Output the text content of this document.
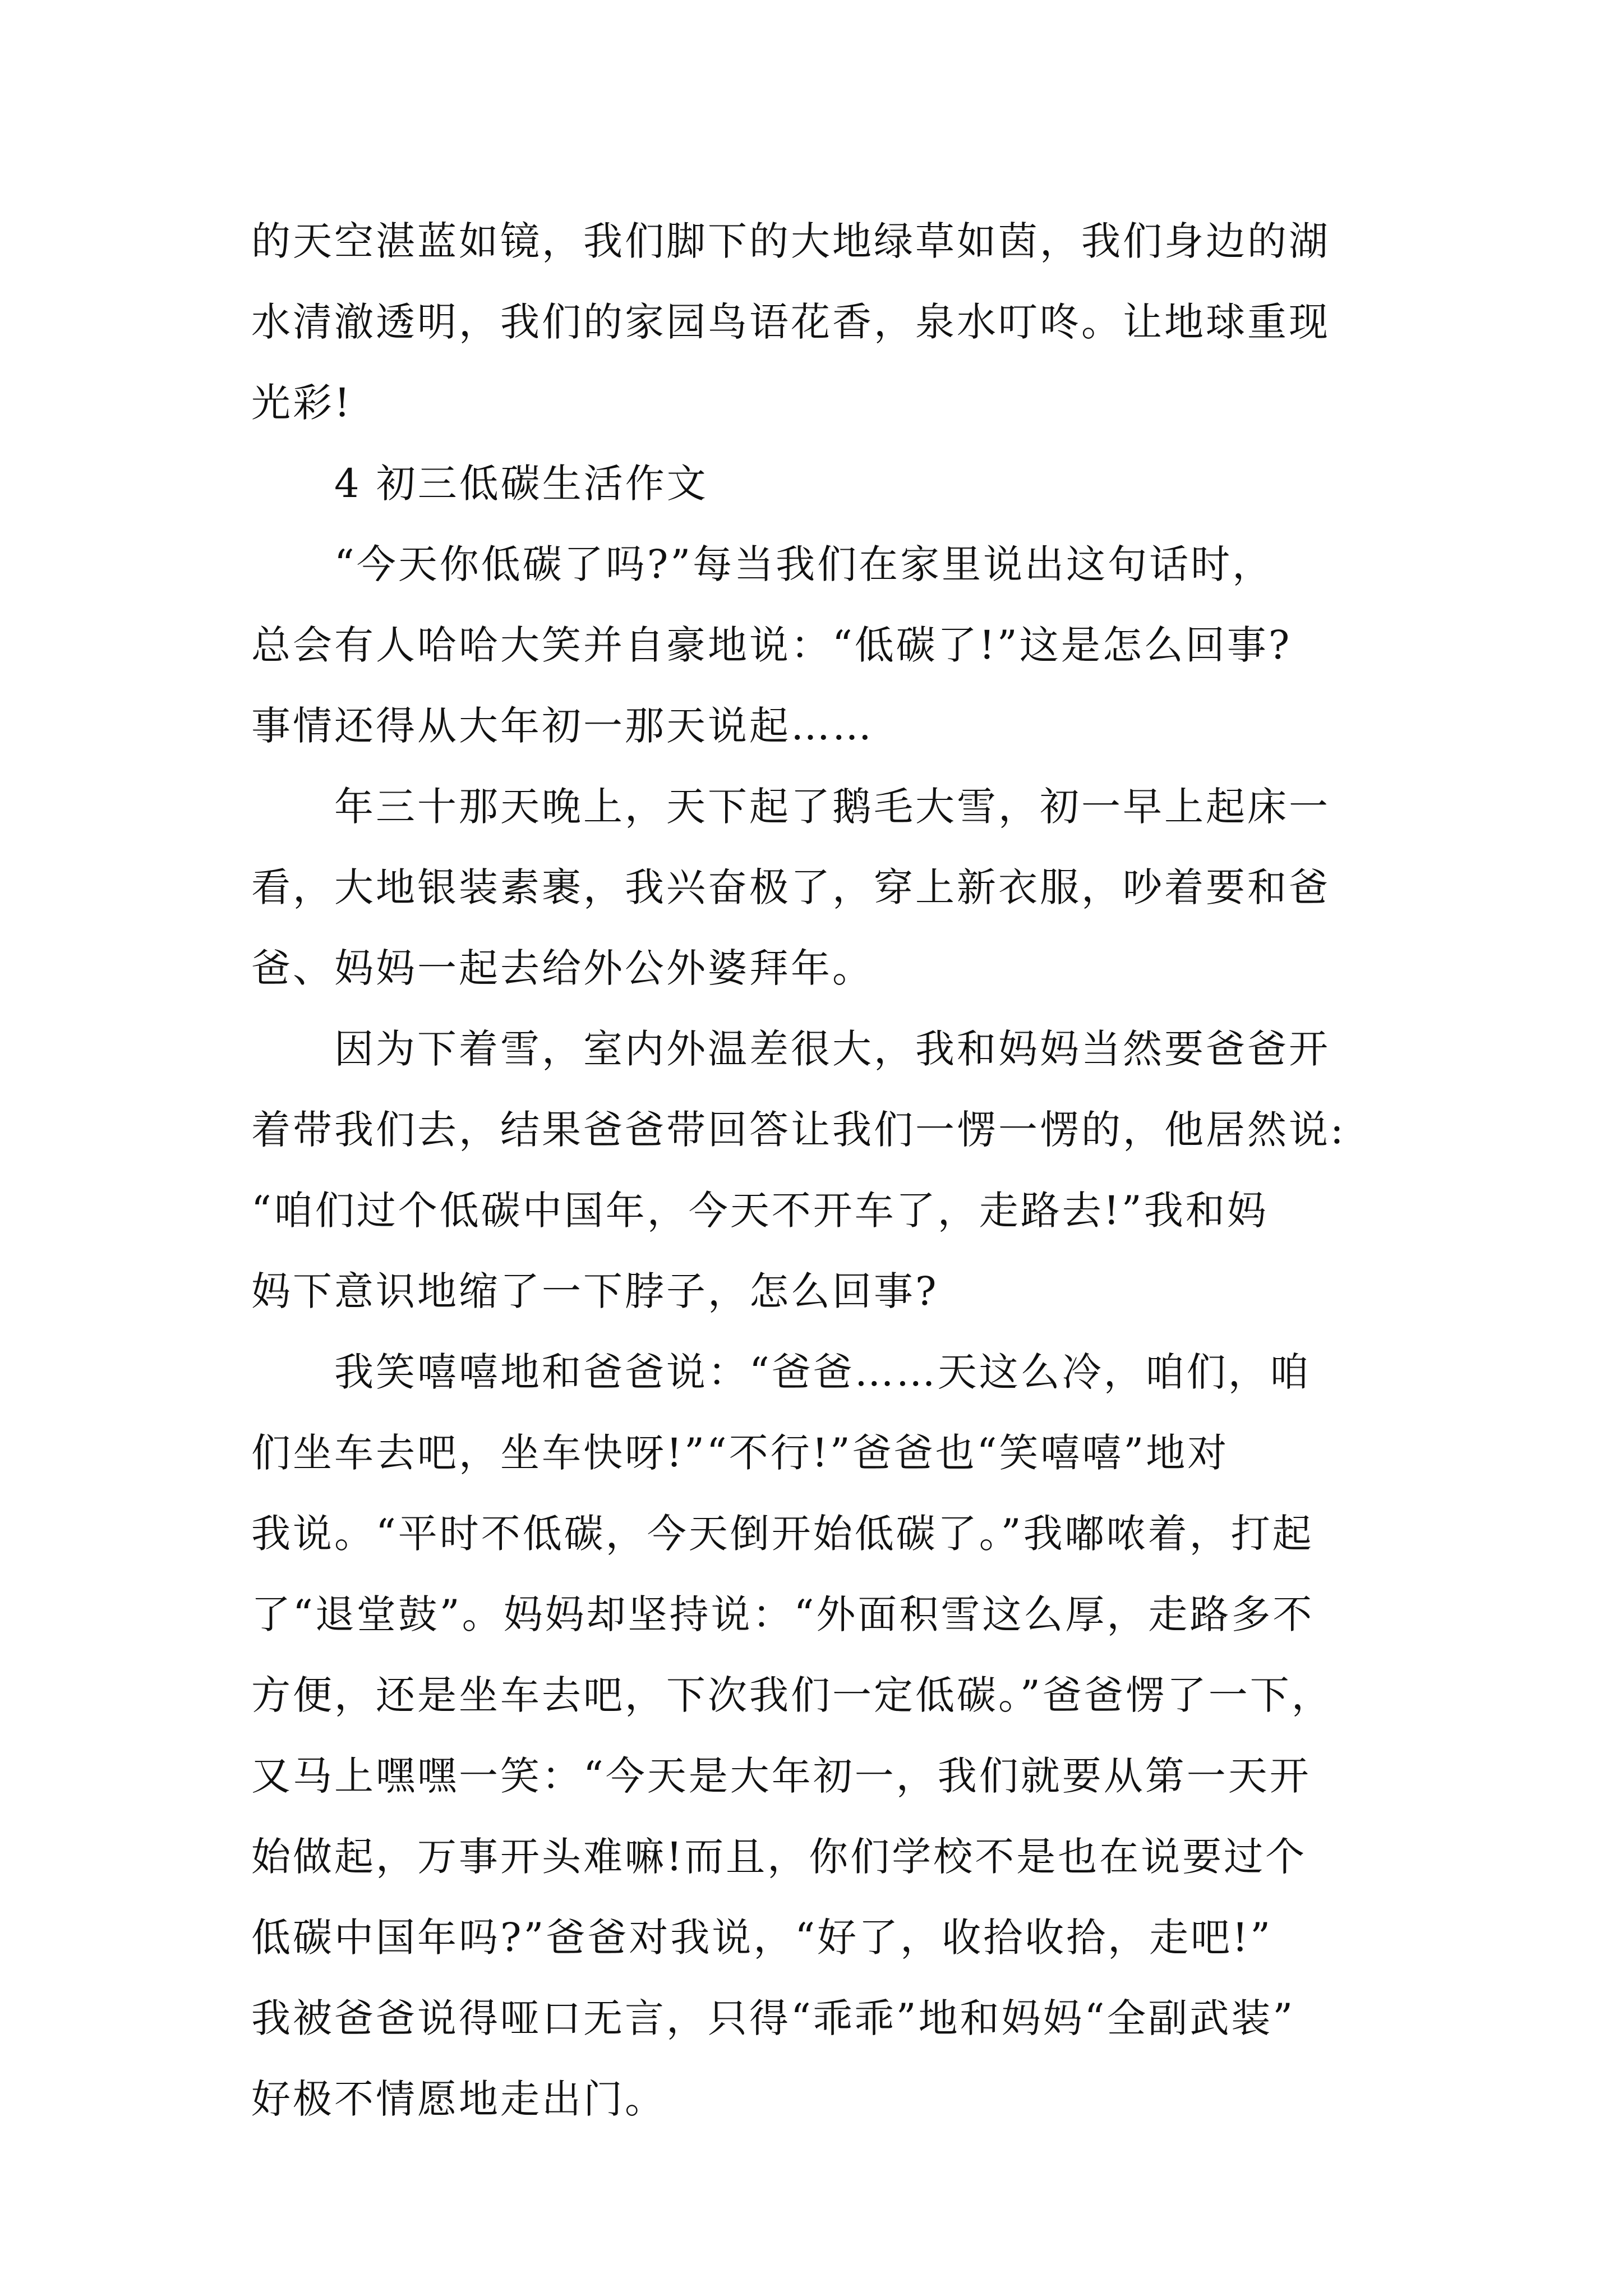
的天空湛蓝如镜，我们脚下的大地绿草如茵，我们身边的湖
水清澈透明，我们的家园鸟语花香，泉水叮咚。让地球重现
光彩!
4 初三低碳生活作文
“今天你低碳了吗?”每当我们在家里说出这句话时，
总会有人哈哈大笑并自豪地说：“低碳了!”这是怎么回事?
事情还得从大年初一那天说起……
年三十那天晚上，天下起了鹅毛大雪，初一早上起床一
看，大地银装素裹，我兴奋极了，穿上新衣服，吵着要和爸
爸、妈妈一起去给外公外婆拜年。
因为下着雪，室内外温差很大，我和妈妈当然要爸爸开
着带我们去，结果爸爸带回答让我们一愣一愣的，他居然说:
“咱们过个低碳中国年，今天不开车了，走路去!”我和妈
妈下意识地缩了一下脖子，怎么回事?
我笑嘻嘻地和爸爸说：“爸爸……天这么冷，咱们，咱
们坐车去吧，坐车快呀!”“不行!”爸爸也“笑嘻嘻”地对
我说。“平时不低碳，今天倒开始低碳了。”我嘟哝着，打起
了“退堂鼓”。妈妈却坚持说：“外面积雪这么厚，走路多不
方便，还是坐车去吧，下次我们一定低碳。”爸爸愣了一下，
又马上嘿嘿一笑：“今天是大年初一，我们就要从第一天开
始做起，万事开头难嘛!而且，你们学校不是也在说要过个
低碳中国年吗?”爸爸对我说，“好了，收拾收拾，走吧!”
我被爸爸说得哑口无言，只得“乖乖”地和妈妈“全副武装”
好极不情愿地走出门。
